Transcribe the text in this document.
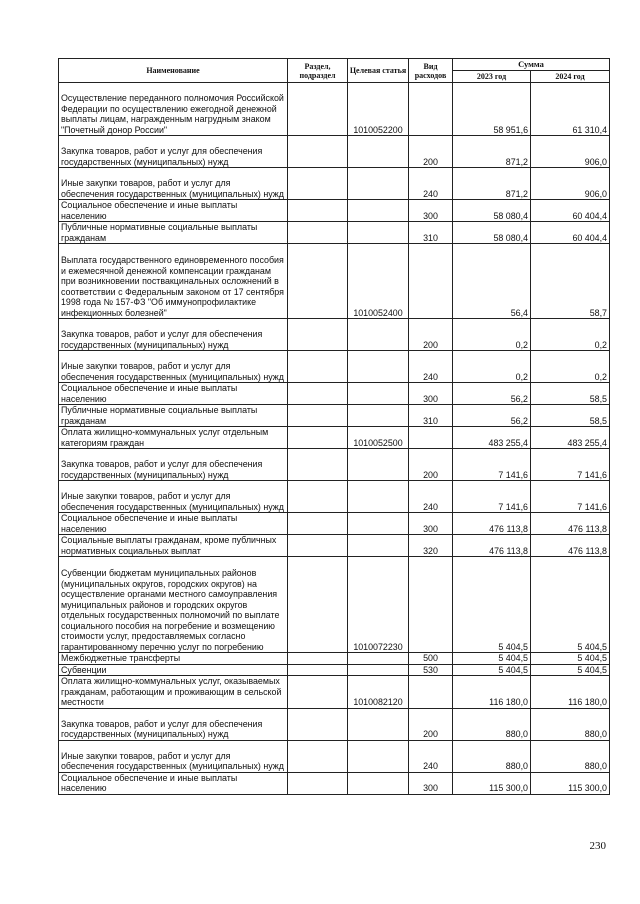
Наименование	Раздел, подраздел	Целевая статья	Вид расходов	Сумма	
				2023 год	2024 год
Осуществление переданного полномочия Российской Федерации по осуществлению ежегодной денежной выплаты лицам, награжденным нагрудным знаком "Почетный донор России"		1010052200		58 951,6	61 310,4
Закупка товаров, работ и услуг для обеспечения государственных (муниципальных) нужд			200	871,2	906,0
Иные закупки товаров, работ и услуг для обеспечения государственных (муниципальных) нужд			240	871,2	906,0
Социальное обеспечение и иные выплаты населению			300	58 080,4	60 404,4
Публичные нормативные социальные выплаты гражданам			310	58 080,4	60 404,4
Выплата государственного единовременного пособия и ежемесячной денежной компенсации гражданам при возникновении поствакцинальных осложнений в соответствии с Федеральным законом от 17 сентября 1998 года № 157-ФЗ "Об иммунопрофилактике инфекционных болезней"		1010052400		56,4	58,7
Закупка товаров, работ и услуг для обеспечения государственных (муниципальных) нужд			200	0,2	0,2
Иные закупки товаров, работ и услуг для обеспечения государственных (муниципальных) нужд			240	0,2	0,2
Социальное обеспечение и иные выплаты населению			300	56,2	58,5
Публичные нормативные социальные выплаты гражданам			310	56,2	58,5
Оплата жилищно-коммунальных услуг отдельным категориям граждан		1010052500		483 255,4	483 255,4
Закупка товаров, работ и услуг для обеспечения государственных (муниципальных) нужд			200	7 141,6	7 141,6
Иные закупки товаров, работ и услуг для обеспечения государственных (муниципальных) нужд			240	7 141,6	7 141,6
Социальное обеспечение и иные выплаты населению			300	476 113,8	476 113,8
Социальные выплаты гражданам, кроме публичных нормативных социальных выплат			320	476 113,8	476 113,8
Субвенции бюджетам муниципальных районов (муниципальных округов, городских округов) на осуществление органами местного самоуправления муниципальных районов и городских округов отдельных государственных полномочий по выплате социального пособия на погребение и возмещению стоимости услуг, предоставляемых согласно гарантированному перечню услуг по погребению		1010072230		5 404,5	5 404,5
Межбюджетные трансферты			500	5 404,5	5 404,5
Субвенции			530	5 404,5	5 404,5
Оплата жилищно-коммунальных услуг, оказываемых гражданам, работающим и проживающим в сельской местности		1010082120		116 180,0	116 180,0
Закупка товаров, работ и услуг для обеспечения государственных (муниципальных) нужд			200	880,0	880,0
Иные закупки товаров, работ и услуг для обеспечения государственных (муниципальных) нужд			240	880,0	880,0
Социальное обеспечение и иные выплаты населению			300	115 300,0	115 300,0
230
